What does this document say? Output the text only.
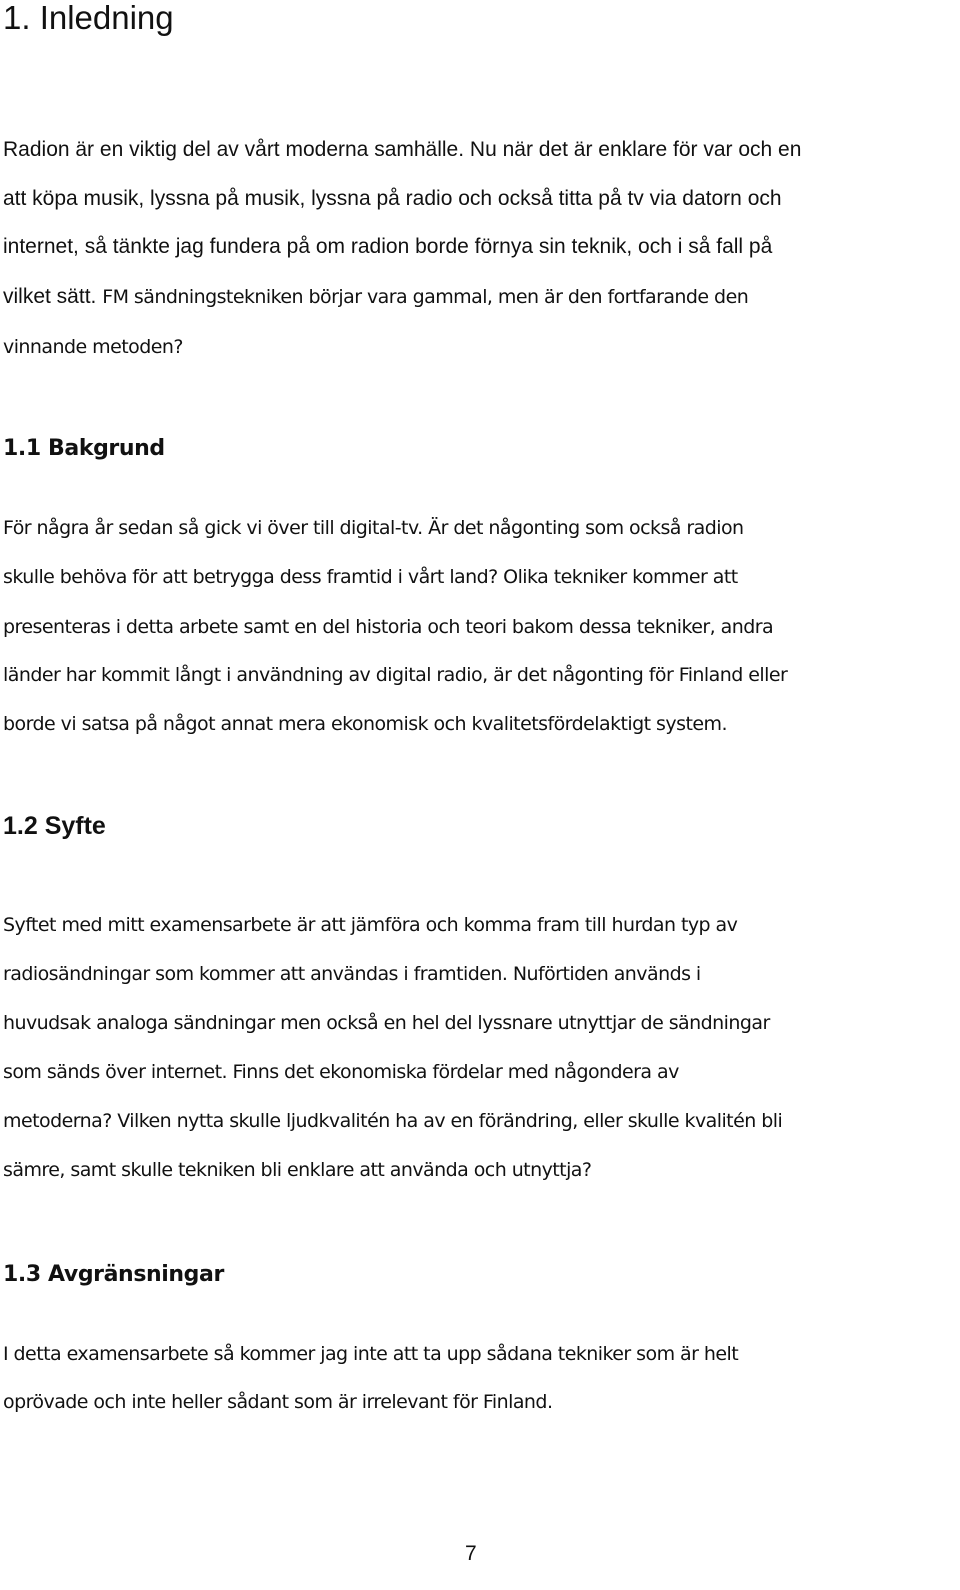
1. Inledning

Radion är en viktig del av vårt moderna samhälle. Nu när det är enklare för var och en

att köpa musik, lyssna på musik, lyssna på radio och också titta på tv via datorn och

internet, så tänkte jag fundera på om radion borde förnya sin teknik, och i så fall på

vilket sätt. FM sändningstekniken börjar vara gammal, men är den fortfarande den

vinnande metoden?

1.1 Bakgrund

För några år sedan så gick vi över till digital-tv. Är det någonting som också radion

skulle behöva för att betrygga dess framtid i vårt land? Olika tekniker kommer att

presenteras i detta arbete samt en del historia och teori bakom dessa tekniker, andra

länder har kommit långt i användning av digital radio, är det någonting för Finland eller

borde vi satsa på något annat mera ekonomisk och kvalitetsfördelaktigt system.

1.2 Syfte

Syftet med mitt examensarbete är att jämföra och komma fram till hurdan typ av

radiosändningar som kommer att användas i framtiden. Nuförtiden används i

huvudsak analoga sändningar men också en hel del lyssnare utnyttjar de sändningar

som sänds över internet. Finns det ekonomiska fördelar med någondera av

metoderna? Vilken nytta skulle ljudkvalitén ha av en förändring, eller skulle kvalitén bli

sämre, samt skulle tekniken bli enklare att använda och utnyttja?

1.3 Avgränsningar

I detta examensarbete så kommer jag inte att ta upp sådana tekniker som är helt

oprövade och inte heller sådant som är irrelevant för Finland.

7
